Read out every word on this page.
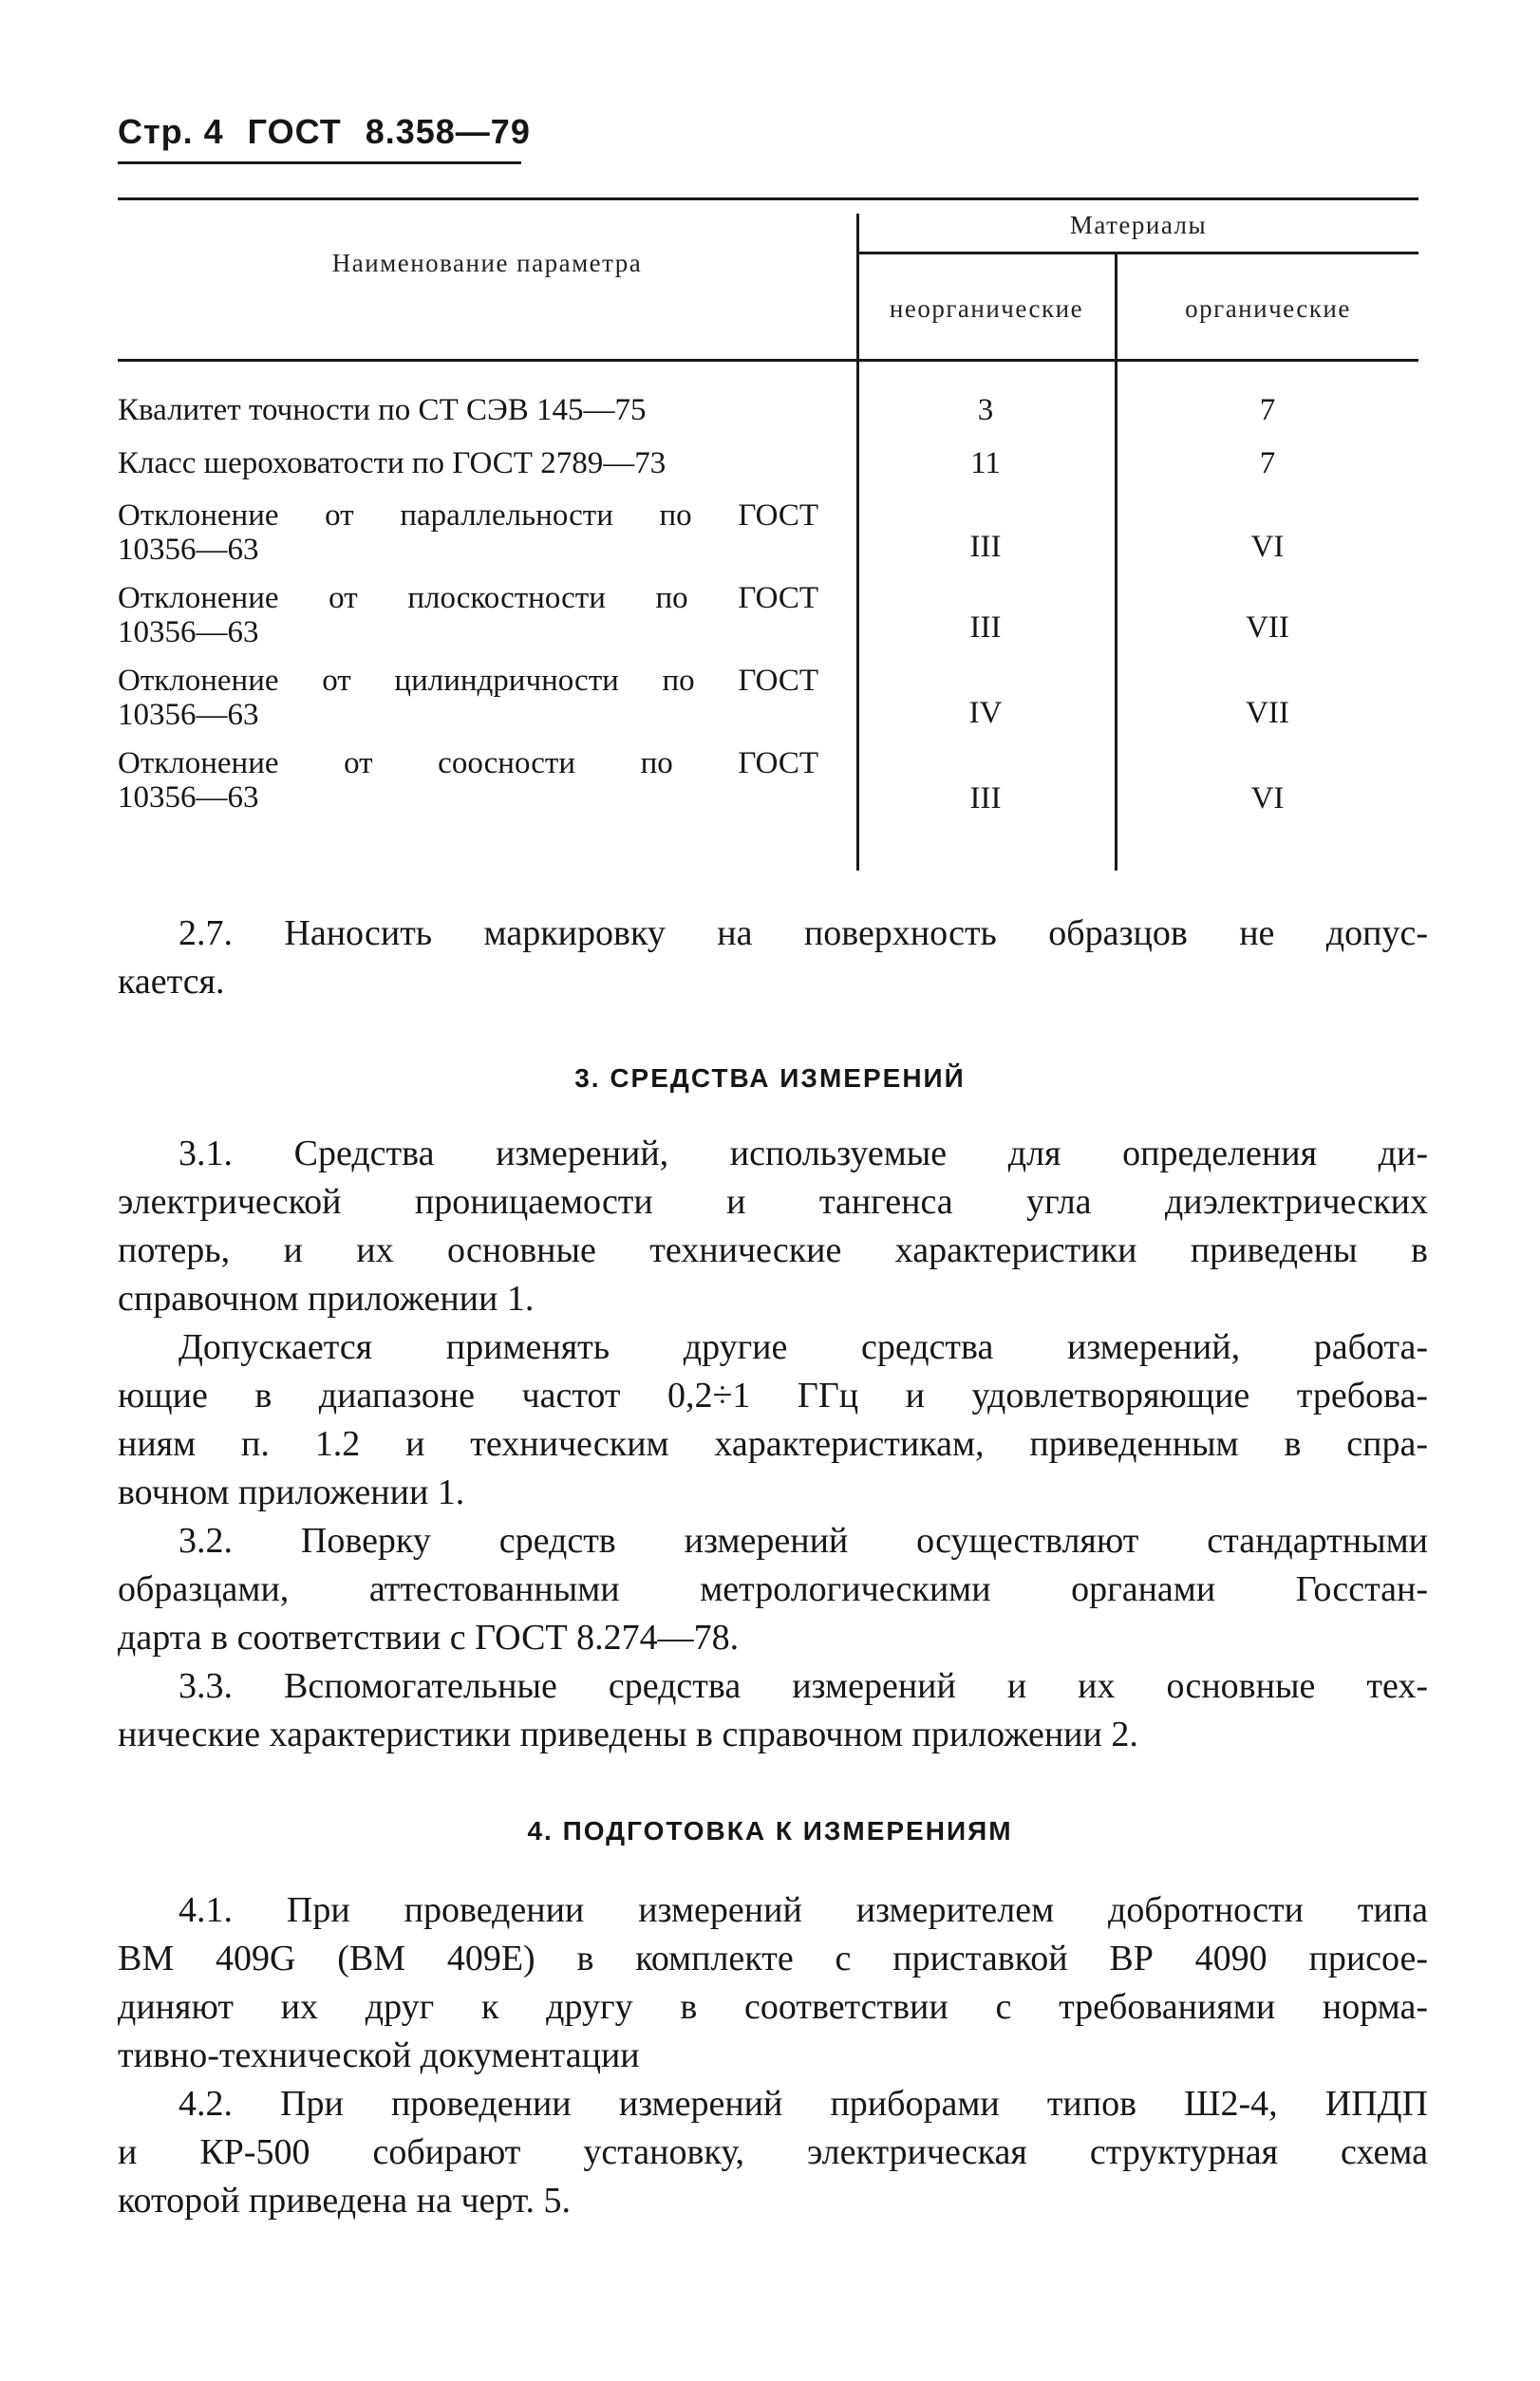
Стр. 4 ГОСТ 8.358—79
Наименование параметра
Материалы
неорганические	органические
Квалитет точности по СТ СЭВ 145—75	3	7
Класс шероховатости по ГОСТ 2789—73	11	7
Отклонение от параллельности по ГОСТ
10356—63	III	VI
Отклонение от плоскостности по ГОСТ
10356—63	III	VII
Отклонение от цилиндричности по ГОСТ
10356—63	IV	VII
Отклонение от соосности по ГОСТ
10356—63	III	VI
2.7. Наносить маркировку на поверхность образцов не допус-
кается.
3. СРЕДСТВА ИЗМЕРЕНИЙ
3.1. Средства измерений, используемые для определения ди-
электрической проницаемости и тангенса угла диэлектрических
потерь, и их основные технические характеристики приведены в
справочном приложении 1.
Допускается применять другие средства измерений, работа-
ющие в диапазоне частот 0,2÷1 ГГц и удовлетворяющие требова-
ниям п. 1.2 и техническим характеристикам, приведенным в спра-
вочном приложении 1.
3.2. Поверку средств измерений осуществляют стандартными
образцами, аттестованными метрологическими органами Госстан-
дарта в соответствии с ГОСТ 8.274—78.
3.3. Вспомогательные средства измерений и их основные тех-
нические характеристики приведены в справочном приложении 2.
4. ПОДГОТОВКА К ИЗМЕРЕНИЯМ
4.1. При проведении измерений измерителем добротности типа
ВМ 409G (ВМ 409Е) в комплекте с приставкой ВР 4090 присое-
диняют их друг к другу в соответствии с требованиями норма-
тивно-технической документации
4.2. При проведении измерений приборами типов Ш2-4, ИПДП
и КР-500 собирают установку, электрическая структурная схема
которой приведена на черт. 5.
